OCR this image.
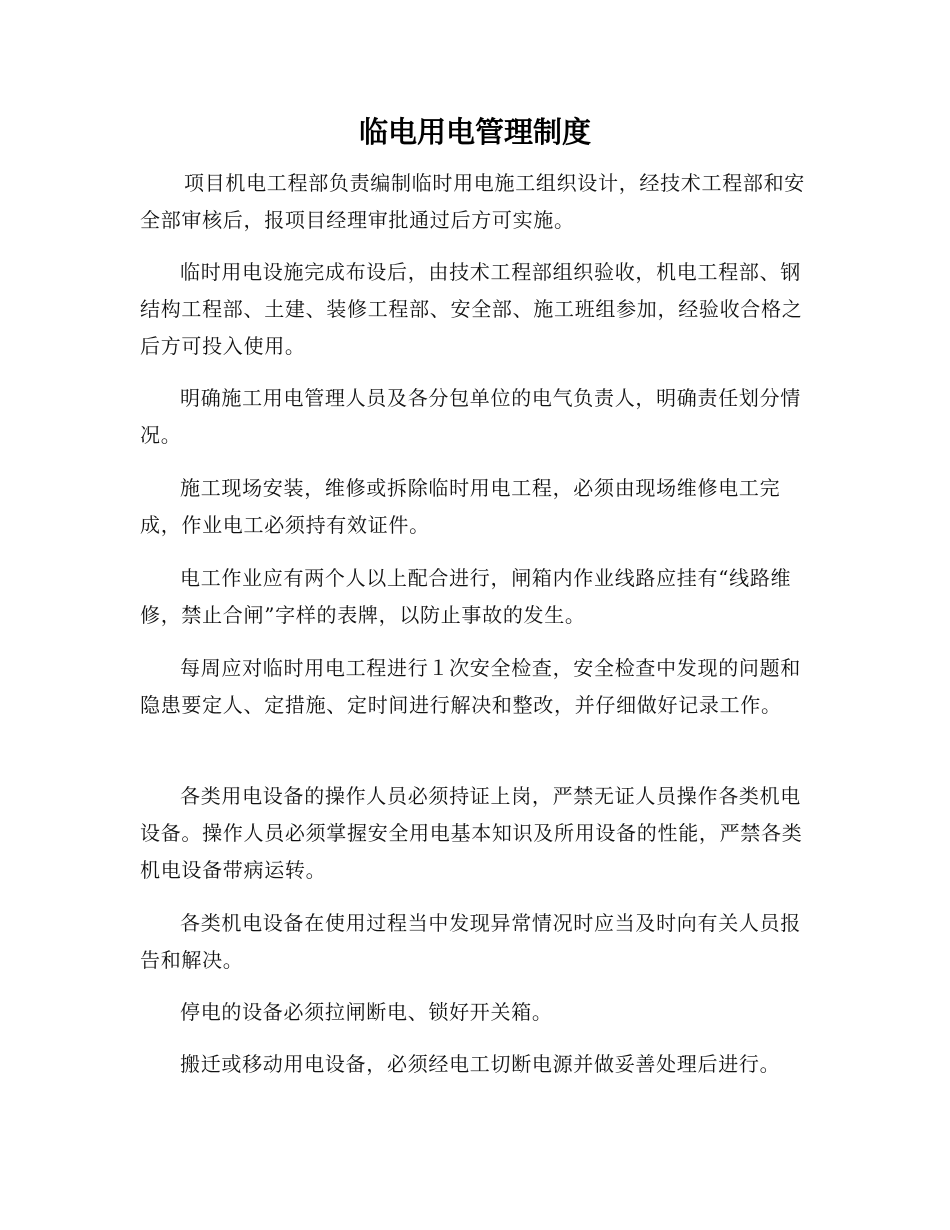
临电用电管理制度

项目机电工程部负责编制临时用电施工组织设计，经技术工程部和安全部审核后，报项目经理审批通过后方可实施。

临时用电设施完成布设后，由技术工程部组织验收，机电工程部、钢结构工程部、土建、装修工程部、安全部、施工班组参加，经验收合格之后方可投入使用。

明确施工用电管理人员及各分包单位的电气负责人，明确责任划分情况。

施工现场安装，维修或拆除临时用电工程，必须由现场维修电工完成，作业电工必须持有效证件。

电工作业应有两个人以上配合进行，闸箱内作业线路应挂有“线路维修，禁止合闸”字样的表牌，以防止事故的发生。

每周应对临时用电工程进行１次安全检查，安全检查中发现的问题和隐患要定人、定措施、定时间进行解决和整改，并仔细做好记录工作。

各类用电设备的操作人员必须持证上岗，严禁无证人员操作各类机电设备。操作人员必须掌握安全用电基本知识及所用设备的性能，严禁各类机电设备带病运转。

各类机电设备在使用过程当中发现异常情况时应当及时向有关人员报告和解决。

停电的设备必须拉闸断电、锁好开关箱。

搬迁或移动用电设备，必须经电工切断电源并做妥善处理后进行。
